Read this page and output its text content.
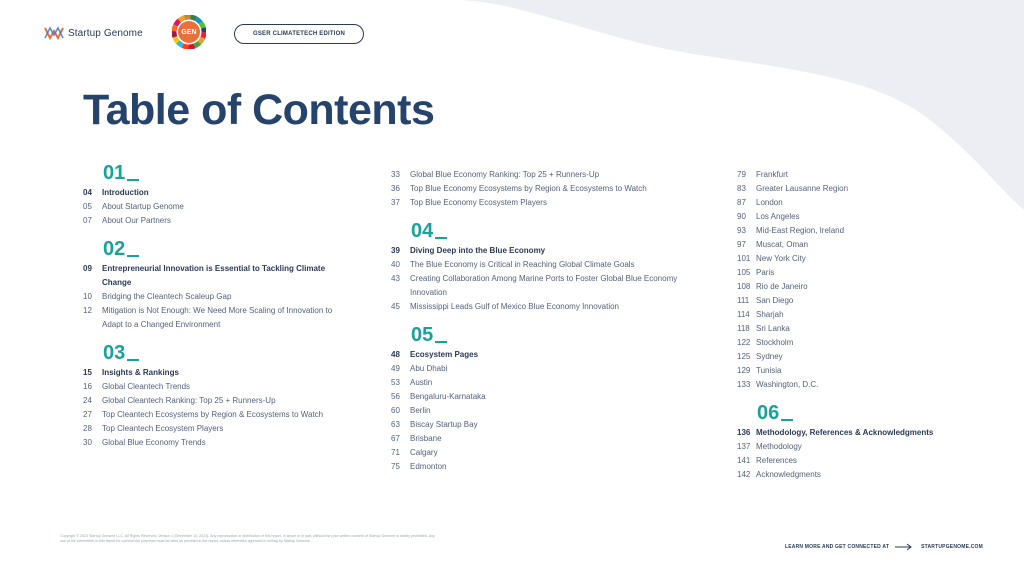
Startup Genome	GEN	GSER CLIMATETECH EDITION
Table of Contents
01
04	Introduction
05	About Startup Genome
07	About Our Partners
02
09	Entrepreneurial Innovation is Essential to Tackling Climate Change
10	Bridging the Cleantech Scaleup Gap
12	Mitigation is Not Enough: We Need More Scaling of Innovation to Adapt to a Changed Environment
03
15	Insights & Rankings
16	Global Cleantech Trends
24	Global Cleantech Ranking: Top 25 + Runners-Up
27	Top Cleantech Ecosystems by Region & Ecosystems to Watch
28	Top Cleantech Ecosystem Players
30	Global Blue Economy Trends
33	Global Blue Economy Ranking: Top 25 + Runners-Up
36	Top Blue Economy Ecosystems by Region & Ecosystems to Watch
37	Top Blue Economy Ecosystem Players
04
39	Diving Deep into the Blue Economy
40	The Blue Economy is Critical in Reaching Global Climate Goals
43	Creating Collaboration Among Marine Ports to Foster Global Blue Economy Innovation
45	Mississippi Leads Gulf of Mexico Blue Economy Innovation
05
48	Ecosystem Pages
49	Abu Dhabi
53	Austin
56	Bengaluru-Karnataka
60	Berlin
63	Biscay Startup Bay
67	Brisbane
71	Calgary
75	Edmonton
79	Frankfurt
83	Greater Lausanne Region
87	London
90	Los Angeles
93	Mid-East Region, Ireland
97	Muscat, Oman
101 New York City
105 Paris
108 Rio de Janeiro
111 San Diego
114 Sharjah
118 Sri Lanka
122 Stockholm
125 Sydney
129 Tunisia
133 Washington, D.C.
06
136 Methodology, References & Acknowledgments
137 Methodology
141 References
142 Acknowledgments
Copyright © 2023 Startup Genome LLC. All Rights Reserved. Version 1 (December 14, 2023). Any reproduction or distribution of this report, in whole or in part, without the prior written consent of Startup Genome is strictly prohibited. Any use of the information in this report for commercial purposes must be cited as provided in the report, unless otherwise approved in writing by Startup Genome.
LEARN MORE AND GET CONNECTED AT	STARTUPGENOME.COM
